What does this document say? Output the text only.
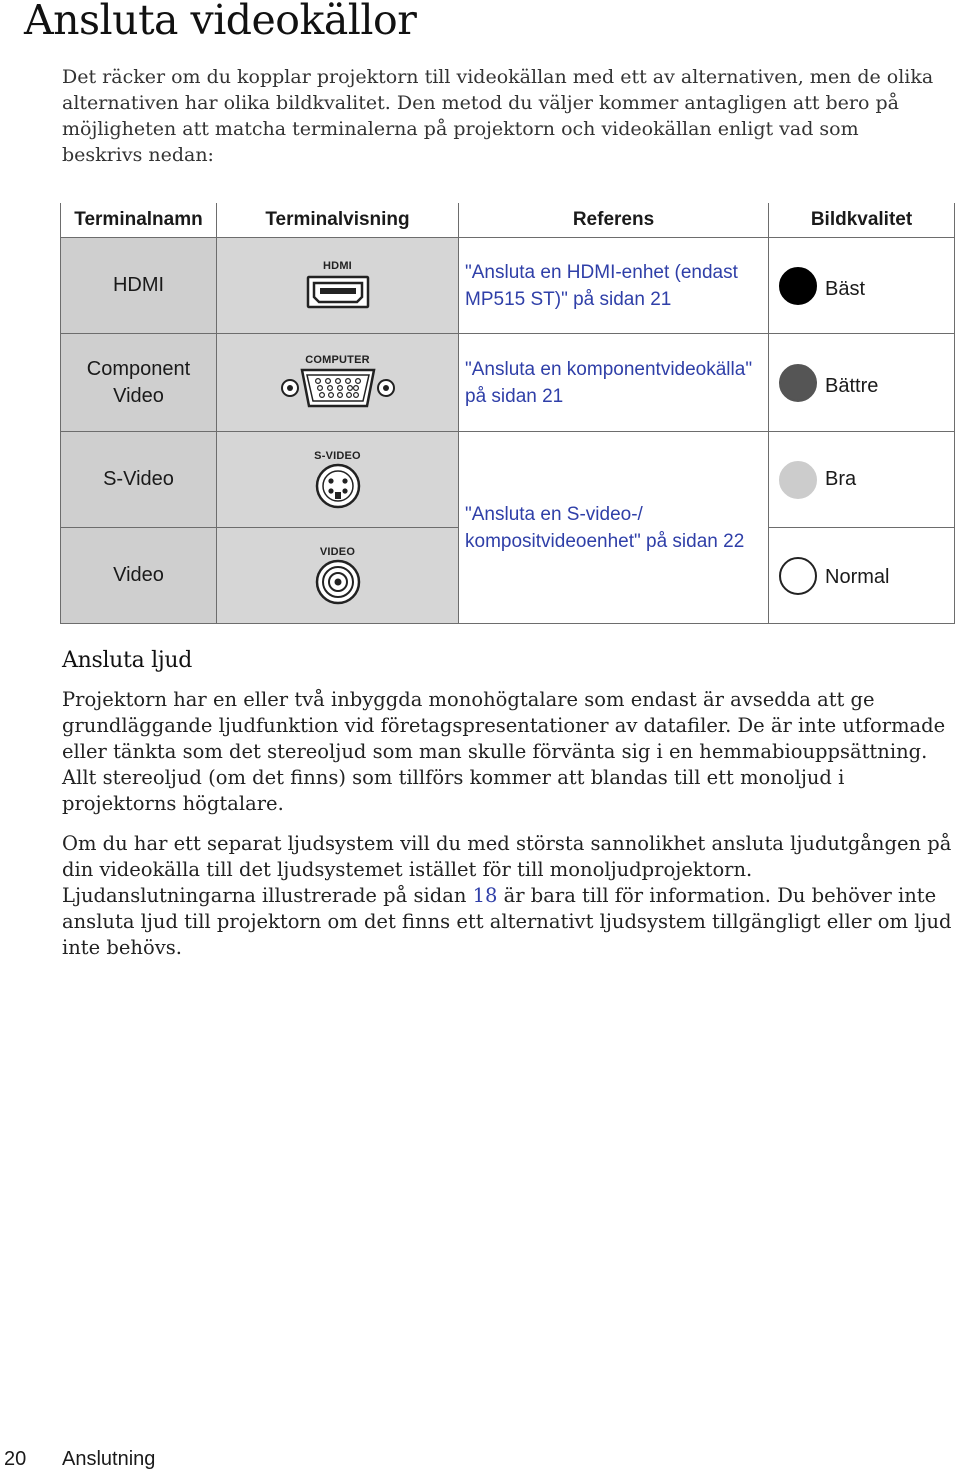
Ansluta videokällor

Det räcker om du kopplar projektorn till videokällan med ett av alternativen, men de olika alternativen har olika bildkvalitet. Den metod du väljer kommer antagligen att bero på möjligheten att matcha terminalerna på projektorn och videokällan enligt vad som beskrivs nedan:

Terminalnamn	Terminalvisning	Referens	Bildkvalitet
HDMI	HDMI	"Ansluta en HDMI-enhet (endast MP515 ST)" på sidan 21	Bäst

Component Video	COMPUTER	"Ansluta en komponentvideokälla" på sidan 21	Bättre

S-Video	S-VIDEO	"Ansluta en S-video-/ kompositvideoenhet" på sidan 22	Bra

Video	VIDEO		Normal
Ansluta ljud

Projektorn har en eller två inbyggda monohögtalare som endast är avsedda att ge grundläggande ljudfunktion vid företagspresentationer av datafiler. De är inte utformade eller tänkta som det stereoljud som man skulle förvänta sig i en hemmabiouppsättning. Allt stereoljud (om det finns) som tillförs kommer att blandas till ett monoljud i projektorns högtalare.

Om du har ett separat ljudsystem vill du med största sannolikhet ansluta ljudutgången på din videokälla till det ljudsystemet istället för till monoljudprojektorn. Ljudanslutningarna illustrerade på sidan 18 är bara till för information. Du behöver inte ansluta ljud till projektorn om det finns ett alternativt ljudsystem tillgängligt eller om ljud inte behövs.

20 Anslutning
